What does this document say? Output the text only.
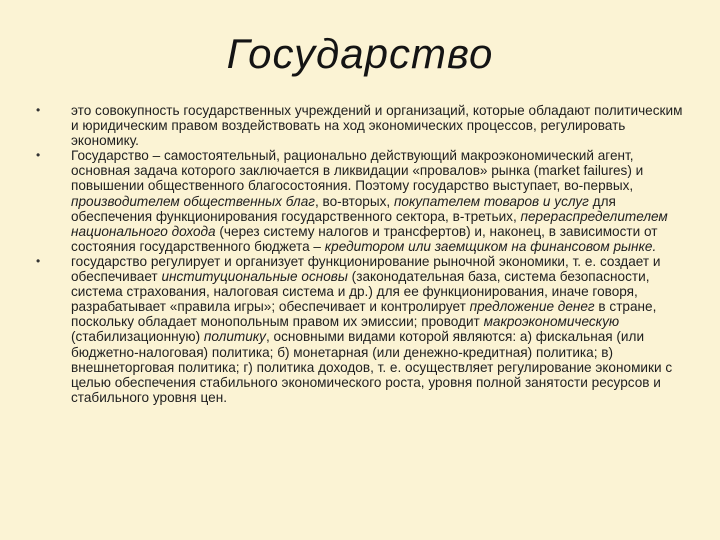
Государство
• это совокупность государственных учреждений и организаций, которые обладают политическим и юридическим правом воздействовать на ход экономических процессов, регулировать экономику.
• Государство – самостоятельный, рационально действующий макроэкономический агент, основная задача которого заключается в ликвидации «провалов» рынка (market failures) и повышении общественного благосостояния. Поэтому государство выступает, во-первых, производителем общественных благ, во-вторых, покупателем товаров и услуг для обеспечения функционирования государственного сектора, в-третьих, перераспределителем национального дохода (через систему налогов и трансфертов) и, наконец, в зависимости от состояния государственного бюджета – кредитором или заемщиком на финансовом рынке.
• государство регулирует и организует функционирование рыночной экономики, т. е. создает и обеспечивает институциональные основы (законодательная база, система безопасности, система страхования, налоговая система и др.) для ее функционирования, иначе говоря, разрабатывает «правила игры»; обеспечивает и контролирует предложение денег в стране, поскольку обладает монопольным правом их эмиссии; проводит макроэкономическую (стабилизационную) политику, основными видами которой являются: а) фискальная (или бюджетно-налоговая) политика; б) монетарная (или денежно-кредитная) политика; в) внешнеторговая политика; г) политика доходов, т. е. осуществляет регулирование экономики с целью обеспечения стабильного экономического роста, уровня полной занятости ресурсов и стабильного уровня цен.
